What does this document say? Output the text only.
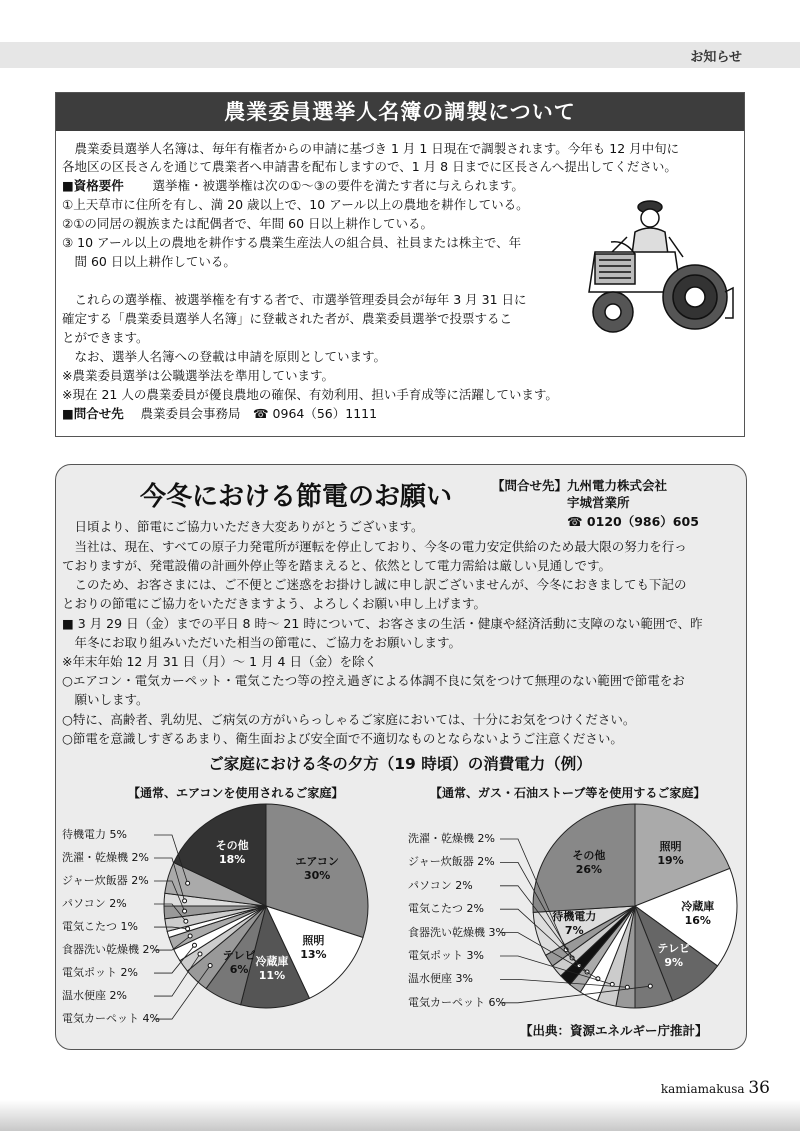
お知らせ
農業委員選挙人名簿の調製について
　農業委員選挙人名簿は、毎年有権者からの申請に基づき 1 月 1 日現在で調製されます。今年も 12 月中旬に
各地区の区長さんを通じて農業者へ申請書を配布しますので、1 月 8 日までに区長さんへ提出してください。
■資格要件 　選挙権・被選挙権は次の①〜③の要件を満たす者に与えられます。
①上天草市に住所を有し、満 20 歳以上で、10 アール以上の農地を耕作している。
②①の同居の親族または配偶者で、年間 60 日以上耕作している。
③ 10 アール以上の農地を耕作する農業生産法人の組合員、社員または株主で、年
　間 60 日以上耕作している。
　これらの選挙権、被選挙権を有する者で、市選挙管理委員会が毎年 3 月 31 日に
確定する「農業委員選挙人名簿」に登載された者が、農業委員選挙で投票するこ
とができます。
　なお、選挙人名簿への登載は申請を原則としています。
※農業委員選挙は公職選挙法を準用しています。
※現在 21 人の農業委員が優良農地の確保、有効利用、担い手育成等に活躍しています。
■問合せ先 　農業委員会事務局　☎ 0964（56）1111
今冬における節電のお願い	【問合せ先】 九州電力株式会社
宇城営業所
☎ 0120（986）605
　日頃より、節電にご協力いただき大変ありがとうございます。
　当社は、現在、すべての原子力発電所が運転を停止しており、今冬の電力安定供給のため最大限の努力を行っ
ておりますが、発電設備の計画外停止等を踏まえると、依然として電力需給は厳しい見通しです。
　このため、お客さまには、ご不便とご迷惑をお掛けし誠に申し訳ございませんが、今冬におきましても下記の
とおりの節電にご協力をいただきますよう、よろしくお願い申し上げます。
■ 3 月 29 日（金）までの平日 8 時〜 21 時について、お客さまの生活・健康や経済活動に支障のない範囲で、昨
　年冬にお取り組みいただいた相当の節電に、ご協力をお願いします。
※年末年始 12 月 31 日（月）〜 1 月 4 日（金）を除く
○エアコン・電気カーペット・電気こたつ等の控え過ぎによる体調不良に気をつけて無理のない範囲で節電をお
　願いします。
○特に、高齢者、乳幼児、ご病気の方がいらっしゃるご家庭においては、十分にお気をつけください。
○節電を意識しすぎるあまり、衛生面および安全面で不適切なものとならないようご注意ください。
ご家庭における冬の夕方（19 時頃）の消費電力（例）
【通常、エアコンを使用されるご家庭】	【通常、ガス・石油ストーブ等を使用するご家庭】
エアコン
30%
照明
13%
冷蔵庫
11%
テレビ
6%
その他
18%
待機電力 5%
洗濯・乾燥機 2%
ジャー炊飯器 2%
パソコン 2%
電気こたつ 1%
食器洗い乾燥機 2%
電気ポット 2%
温水便座 2%
電気カーペット 4%
照明
19%
冷蔵庫
16%
テレビ
9%
待機電力
7%
その他
26%
洗濯・乾燥機 2%
ジャー炊飯器 2%
パソコン 2%
電気こたつ 2%
食器洗い乾燥機 3%
電気ポット 3%
温水便座 3%
電気カーペット 6%
【出典：資源エネルギー庁推計】
kamiamakusa 36
